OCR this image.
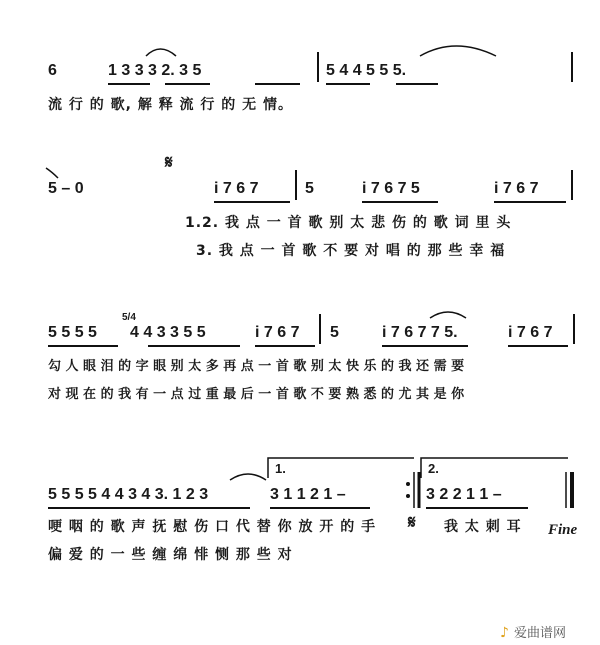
6	1 3 3 3 2. 3 5	5 4 4 5 5 5.
流 行 的 歌, 解 释 流 行 的 无 情。
5 – 0	i 7 6 7	5	i 7 6 7 5	i 7 6 7
𝄋
1.2. 我 点 一 首 歌 别 太 悲 伤 的 歌 词 里 头
3. 我 点 一 首 歌 不 要 对 唱 的 那 些 幸 福
5 5 5 5
5/4
4 4 3 3 5 5	i 7 6 7 5	i 7 6 7 7 5.	i 7 6 7
勾 人 眼 泪 的 字 眼 别 太 多 再 点 一 首 歌 别 太 快 乐 的 我 还 需 要
对 现 在 的 我 有 一 点 过 重 最 后 一 首 歌 不 要 熟 悉 的 尤 其 是 你
5 5 5 5 4 4 3 4 3. 1 2 3	3 1 1 2 1 –	3 2 2 1 1 –
1.	2.
哽 咽 的 歌 声 抚 慰 伤 口 代 替 你 放 开 的 手
偏 爱 的 一 些 缠 绵 悱 恻 那 些 对
𝄋 我 太 刺 耳 Fine
♪ 爱曲谱网
